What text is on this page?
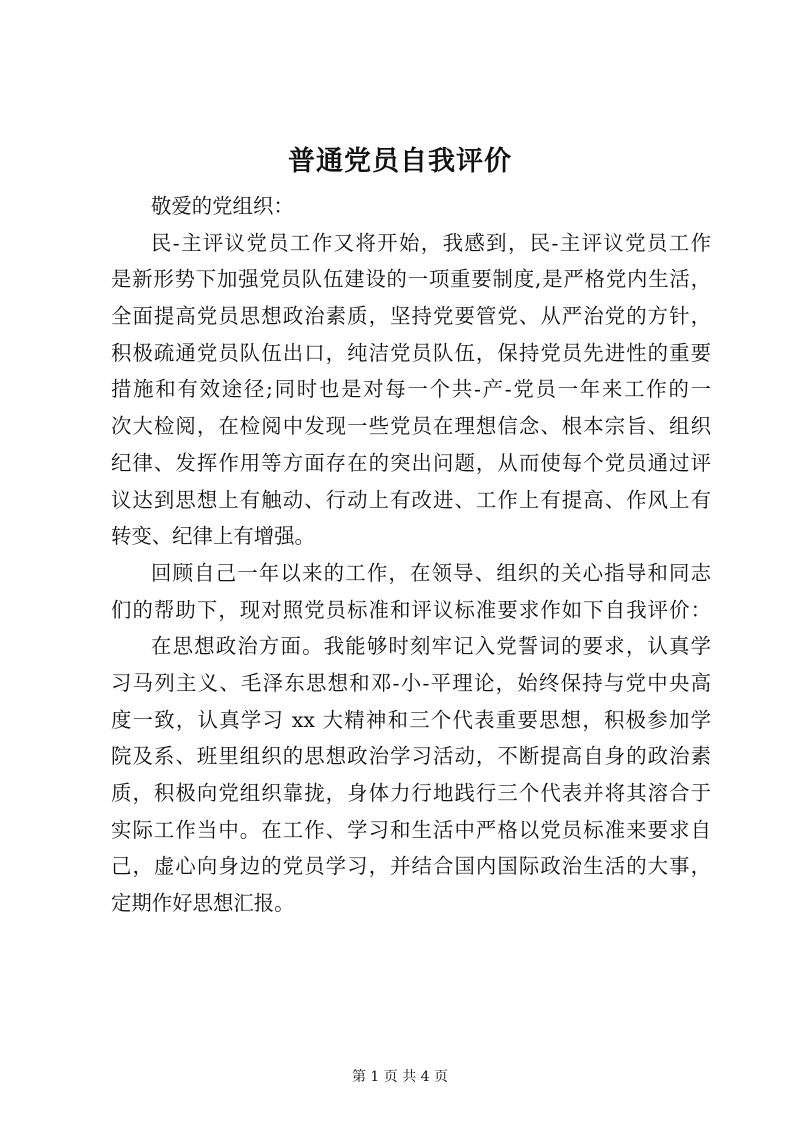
普通党员自我评价
敬爱的党组织：
民-主评议党员工作又将开始，我感到，民-主评议党员工作
是新形势下加强党员队伍建设的一项重要制度,是严格党内生活，
全面提高党员思想政治素质，坚持党要管党、从严治党的方针，
积极疏通党员队伍出口，纯洁党员队伍，保持党员先进性的重要
措施和有效途径;同时也是对每一个共-产-党员一年来工作的一
次大检阅，在检阅中发现一些党员在理想信念、根本宗旨、组织
纪律、发挥作用等方面存在的突出问题，从而使每个党员通过评
议达到思想上有触动、行动上有改进、工作上有提高、作风上有
转变、纪律上有增强。
回顾自己一年以来的工作，在领导、组织的关心指导和同志
们的帮助下，现对照党员标准和评议标准要求作如下自我评价：
在思想政治方面。我能够时刻牢记入党誓词的要求，认真学
习马列主义、毛泽东思想和邓-小-平理论，始终保持与党中央高
度一致，认真学习 xx 大精神和三个代表重要思想，积极参加学
院及系、班里组织的思想政治学习活动，不断提高自身的政治素
质，积极向党组织靠拢，身体力行地践行三个代表并将其溶合于
实际工作当中。在工作、学习和生活中严格以党员标准来要求自
己，虚心向身边的党员学习，并结合国内国际政治生活的大事，
定期作好思想汇报。
第 1 页 共 4 页
